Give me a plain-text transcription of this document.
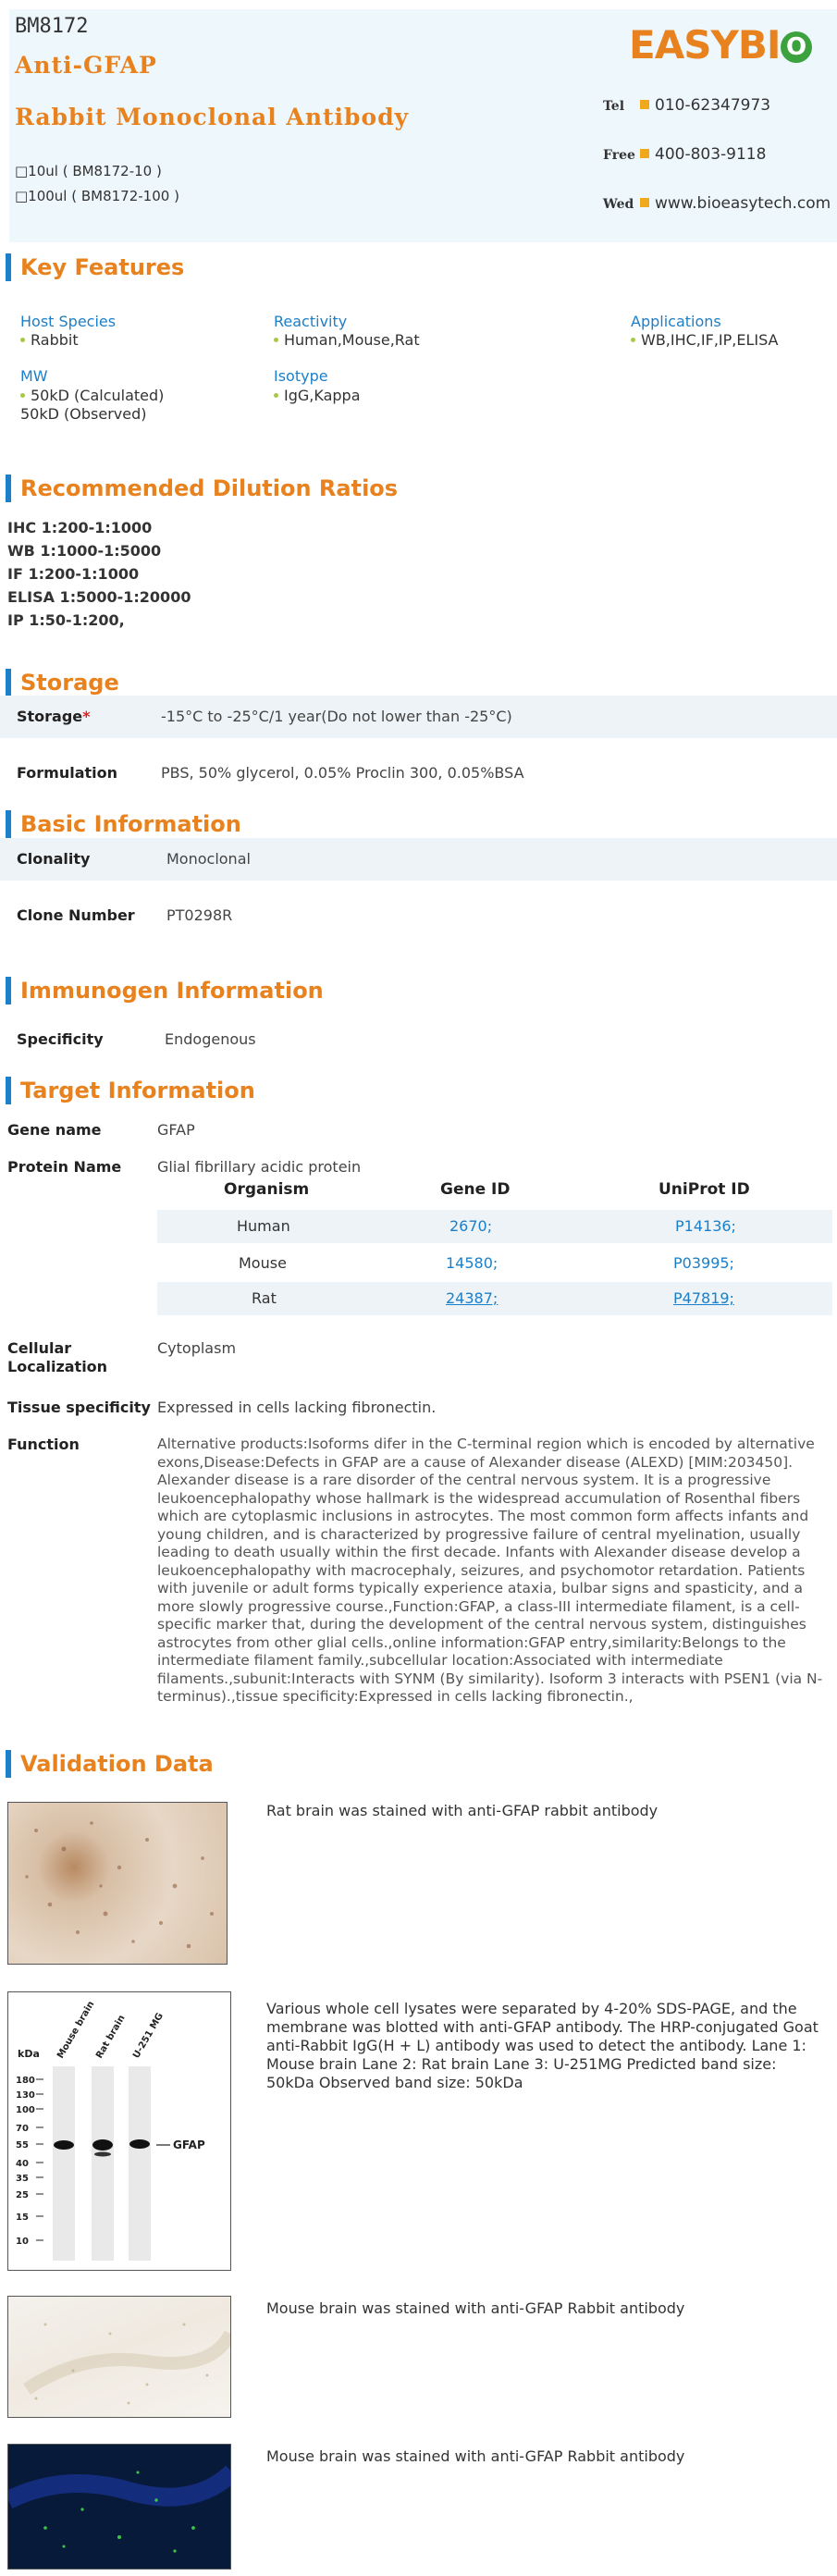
BM8172
Anti-GFAP
Rabbit Monoclonal Antibody
□10ul ( BM8172-10 )
□100ul ( BM8172-100 )
EASYBI O
Tel 010-62347973
Free 400-803-9118
Wed www.bioeasytech.com
Key Features
Host Species
Rabbit
Reactivity
Human,Mouse,Rat
Applications
WB,IHC,IF,IP,ELISA
MW
50kD (Calculated)
50kD (Observed)
Isotype
IgG,Kappa
Recommended Dilution Ratios
IHC 1:200-1:1000
WB 1:1000-1:5000
IF 1:200-1:1000
ELISA 1:5000-1:20000
IP 1:50-1:200,
Storage
Storage*	-15°C to -25°C/1 year(Do not lower than -25°C)
Formulation	PBS, 50% glycerol, 0.05% Proclin 300, 0.05%BSA
Basic Information
Clonality	Monoclonal
Clone Number PT0298R
Immunogen Information
Specificity	Endogenous
Target Information
Gene name	GFAP
Protein Name Glial fibrillary acidic protein
Organism	Gene ID	UniProt ID
Human	2670;	P14136;
Mouse	14580;	P03995;
Rat	24387;	P47819;
Cellular Localization
Cytoplasm
Tissue specificity Expressed in cells lacking fibronectin.
Function	Alternative products:Isoforms difer in the C-terminal region which is encoded by alternative exons,Disease:Defects in GFAP are a cause of Alexander disease (ALEXD) [MIM:203450]. Alexander disease is a rare disorder of the central nervous system. It is a progressive leukoencephalopathy whose hallmark is the widespread accumulation of Rosenthal fibers which are cytoplasmic inclusions in astrocytes. The most common form affects infants and young children, and is characterized by progressive failure of central myelination, usually leading to death usually within the first decade. Infants with Alexander disease develop a leukoencephalopathy with macrocephaly, seizures, and psychomotor retardation. Patients with juvenile or adult forms typically experience ataxia, bulbar signs and spasticity, and a more slowly progressive course.,Function:GFAP, a class-III intermediate filament, is a cell-specific marker that, during the development of the central nervous system, distinguishes astrocytes from other glial cells.,online information:GFAP entry,similarity:Belongs to the intermediate filament family.,subcellular location:Associated with intermediate filaments.,subunit:Interacts with SYNM (By similarity). Isoform 3 interacts with PSEN1 (via N-terminus).,tissue specificity:Expressed in cells lacking fibronectin.,
Validation Data
Rat brain was stained with anti-GFAP rabbit antibody
kDa
180
130
100
70
55
40
35
25
15
10
GFAP
Mouse brain
Rat brain U-251 MG
Various whole cell lysates were separated by 4-20% SDS-PAGE, and the membrane was blotted with anti-GFAP antibody. The HRP-conjugated Goat anti-Rabbit IgG(H + L) antibody was used to detect the antibody. Lane 1: Mouse brain Lane 2: Rat brain Lane 3: U-251MG Predicted band size: 50kDa Observed band size: 50kDa
Mouse brain was stained with anti-GFAP Rabbit antibody
Mouse brain was stained with anti-GFAP Rabbit antibody
